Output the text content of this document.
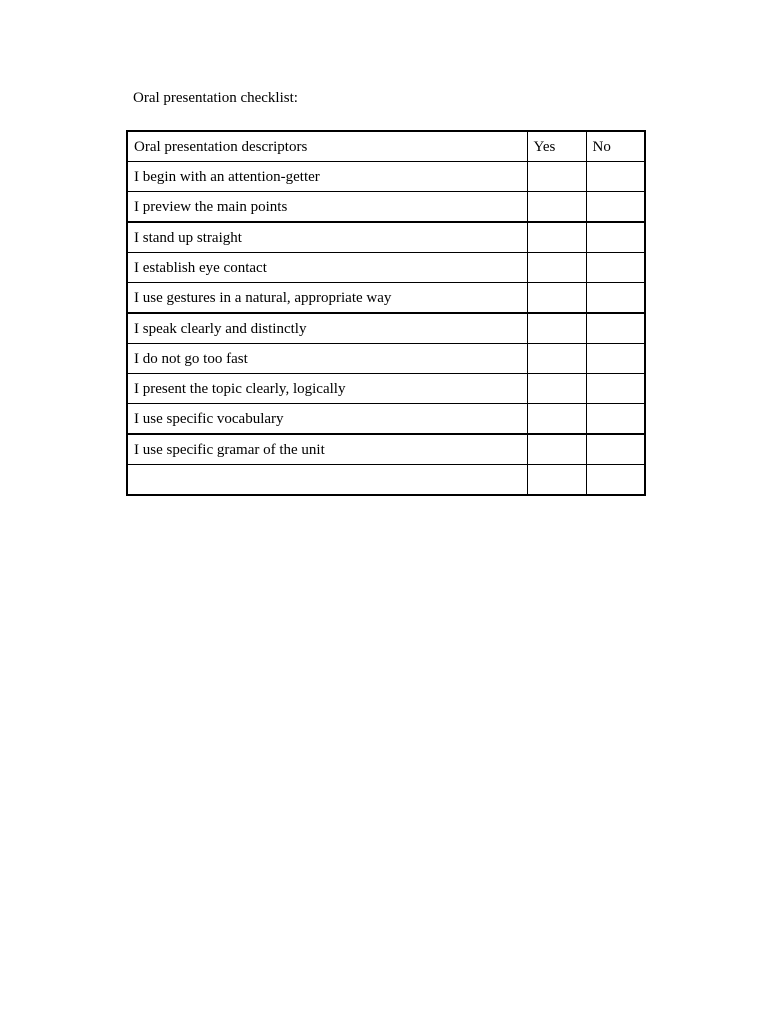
Oral presentation checklist:
Oral presentation descriptors	Yes	No
I begin with an attention-getter		
I preview the main points		
I stand up straight		
I establish eye contact		
I use gestures in a natural, appropriate way		
I speak clearly and distinctly		
I do not go too fast		
I present the topic clearly, logically		
I use specific vocabulary		
I use specific gramar of the unit		
